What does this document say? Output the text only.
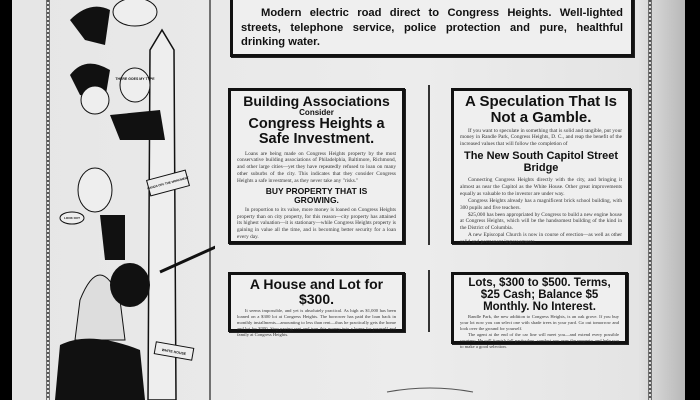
THERE GOES MY TYPE
LOOK OUT
HANDS OFF THE MONUMENT
WHITE HOUSE

Modern electric road direct to Congress Heights. Well-lighted streets, telephone service, police protection and pure, healthful drinking water.

Building Associations
Consider
Congress Heights a Safe Investment.

Loans are being made on Congress Heights property by the most conservative building associations of Philadelphia, Baltimore, Richmond, and other large cities—yet they have repeatedly refused to loan on many other suburbs of the city. This indicates that they consider Congress Heights a safe investment, as they never take any "risks."

BUY PROPERTY THAT IS GROWING.

In proportion to its value, more money is loaned on Congress Heights property than on city property, for this reason—city property has attained its highest valuation—it is stationary—while Congress Heights property is gaining in value all the time, and is becoming better security for a loan every day.

A Speculation That Is Not a Gamble.

If you want to speculate in something that is solid and tangible, put your money in Randle Park, Congress Heights, D. C., and reap the benefit of the increased values that will follow the completion of

The New South Capitol Street Bridge

Connecting Congress Heights directly with the city, and bringing it almost as near the Capitol as the White House. Other great improvements equally as valuable to the investor are under way.

Congress Heights already has a magnificent brick school building, with 300 pupils and five teachers.

$25,000 has been appropriated by Congress to build a new engine house at Congress Heights, which will be the handsomest building of the kind in the District of Columbia.

A new Episcopal Church is now in course of erection—as well as other solid and permanent improvements.

A House and Lot for $300.

It seems impossible, and yet is absolutely practical. As high as $1,000 has been loaned on a $300 lot at Congress Heights. The borrower has paid the loan back in monthly installments—amounting to less than rent—thus he practically gets the home and lot for $300. Stop paying rent and turn this money into a home for yourself and family at Congress Heights.

Lots, $300 to $500. Terms, $25 Cash; Balance $5 Monthly. No Interest.

Randle Park, the new addition to Congress Heights, is an oak grove. If you buy your lot now you can select one with shade trees in your yard. Go out tomorrow and look over the ground for yourself.

The agent at the end of the car line will meet you—and extend every possible courtesy. He will furnish full particulars, conduct you over the property, and help you to make a good selection.
